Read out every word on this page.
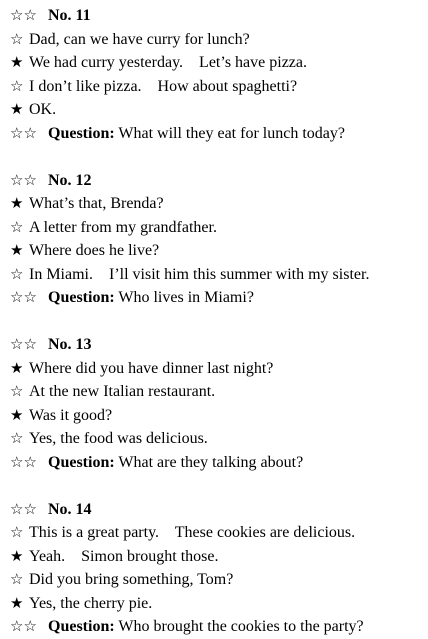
☆☆ No. 11
☆ Dad, can we have curry for lunch?
★ We had curry yesterday.    Let’s have pizza.
☆ I don’t like pizza.    How about spaghetti?
★ OK.
☆☆ Question: What will they eat for lunch today?
☆☆ No. 12
★ What’s that, Brenda?
☆ A letter from my grandfather.
★ Where does he live?
☆ In Miami.    I’ll visit him this summer with my sister.
☆☆ Question: Who lives in Miami?
☆☆ No. 13
★ Where did you have dinner last night?
☆ At the new Italian restaurant.
★ Was it good?
☆ Yes, the food was delicious.
☆☆ Question: What are they talking about?
☆☆ No. 14
☆ This is a great party.    These cookies are delicious.
★ Yeah.    Simon brought those.
☆ Did you bring something, Tom?
★ Yes, the cherry pie.
☆☆ Question: Who brought the cookies to the party?
